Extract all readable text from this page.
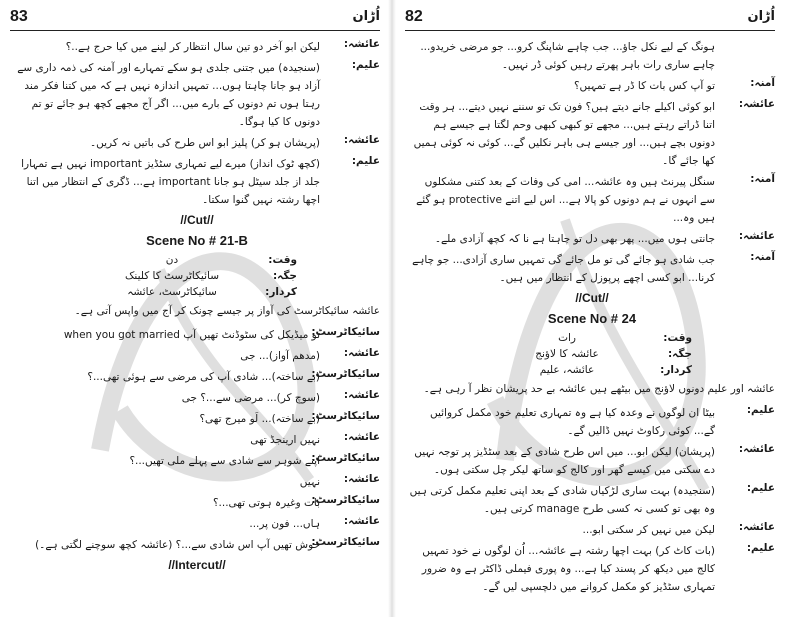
83	اُڑان
عائشہ:
لیکن ابو آخر دو تین سال انتظار کر لینے میں کیا حرج ہے..؟
علیم:
(سنجیدہ) میں جتنی جلدی ہو سکے تمہارے اور آمنہ کی ذمہ داری سے آزاد ہو جانا چاہتا ہوں... تمہیں اندازہ نہیں ہے کہ میں کتنا فکر مند رہتا ہوں تم دونوں کے بارے میں... اگر آج مجھے کچھ ہو جائے تو تم دونوں کا کیا ہوگا۔
عائشہ:
(پریشان ہو کر) پلیز ابو اس طرح کی باتیں نہ کریں۔
علیم:
(کچھ ٹوک انداز) میرے لیے تمہاری سٹڈیز important نہیں ہے تمہارا جلد از جلد سیٹل ہو جانا important ہے... ڈگری کے انتظار میں اتنا اچھا رشتہ نہیں گنوا سکتا۔
//Cut//
Scene No # 21-B
وقت:
دن
جگہ:
سائیکاٹرسٹ کا کلینک
کردار:
سائیکاٹرسٹ، عائشہ
عائشہ سائیکاٹرسٹ کی آواز پر جیسے چونک کر آج میں واپس آتی ہے۔
سائیکاٹرسٹ:
تو میڈیکل کی سٹوڈنٹ تھیں آپ when you got married
عائشہ:
(مدھم آواز)... جی
سائیکاٹرسٹ:
(بے ساختہ)... شادی آپ کی مرضی سے ہوئی تھی...؟
عائشہ:
(سوچ کر)... مرضی سے...؟ جی
سائیکاٹرسٹ:
(بے ساختہ)... لَو میرج تھی؟
عائشہ:
نہیں ارینجڈ تھی
سائیکاٹرسٹ:
اپنے شوہر سے شادی سے پہلے ملی تھیں...؟
عائشہ:
نہیں
سائیکاٹرسٹ:
بات وغیرہ ہوتی تھی...؟
عائشہ:
ہاں... فون پر...
سائیکاٹرسٹ:
خوش تھیں آپ اس شادی سے...؟ (عائشہ کچھ سوچنے لگتی ہے۔)
//Intercut//
82	اُڑان
ہونگ کے لیے نکل جاؤ... جب چاہے شاپنگ کرو... جو مرضی خریدو... چاہے ساری رات باہر پھرتے رہیں کوئی ڈر نہیں۔
آمنہ:
تو آپ کس بات کا ڈر ہے تمہیں؟
عائشہ:
ابو کوئی اکیلے جانے دیتے ہیں؟ فون تک تو سننے نہیں دیتے... ہر وقت اتنا ڈراتے رہتے ہیں... مجھے تو کبھی کبھی وحم لگتا ہے جیسے ہم دونوں بچے ہیں... اور جیسے ہی باہر نکلیں گے... کوئی نہ کوئی ہمیں کھا جائے گا۔
آمنہ:
سنگل پیرنٹ ہیں وہ عائشہ... امی کی وفات کے بعد کتنی مشکلوں سے انہوں نے ہم دونوں کو پالا ہے... اس لیے اتنے protective ہو گئے ہیں وہ...
عائشہ:
جانتی ہوں میں... پھر بھی دل تو چاہتا ہے نا کہ کچھ آزادی ملے۔
آمنہ:
جب شادی ہو جائے گی تو مل جائے گی تمہیں ساری آزادی... جو چاہے کرنا... ابو کسی اچھے پرپوزل کے انتظار میں ہیں۔
//Cut//
Scene No # 24
وقت:
رات
جگہ:
عائشہ کا لاؤنج
کردار:
عائشہ، علیم
عائشہ اور علیم دونوں لاؤنج میں بیٹھے ہیں عائشہ بے حد پریشان نظر آ رہی ہے۔
علیم:
بیٹا ان لوگوں نے وعدہ کیا ہے وہ تمہاری تعلیم خود مکمل کروائیں گے... کوئی رکاوٹ نہیں ڈالیں گے۔
عائشہ:
(پریشان) لیکن ابو... میں اس طرح شادی کے بعد سٹڈیز پر توجہ نہیں دے سکتی میں کیسے گھر اور کالج کو ساتھ لیکر چل سکتی ہوں۔
علیم:
(سنجیدہ) بہت ساری لڑکیاں شادی کے بعد اپنی تعلیم مکمل کرتی ہیں وہ بھی تو کسی نہ کسی طرح manage کرتی ہیں۔
عائشہ:
لیکن میں نہیں کر سکتی ابو...
علیم:
(بات کاٹ کر) بہت اچھا رشتہ ہے عائشہ... اُن لوگوں نے خود تمہیں کالج میں دیکھ کر پسند کیا ہے... وہ پوری فیملی ڈاکٹر ہے وہ ضرور تمہاری سٹڈیز کو مکمل کروانے میں دلچسپی لیں گے۔
